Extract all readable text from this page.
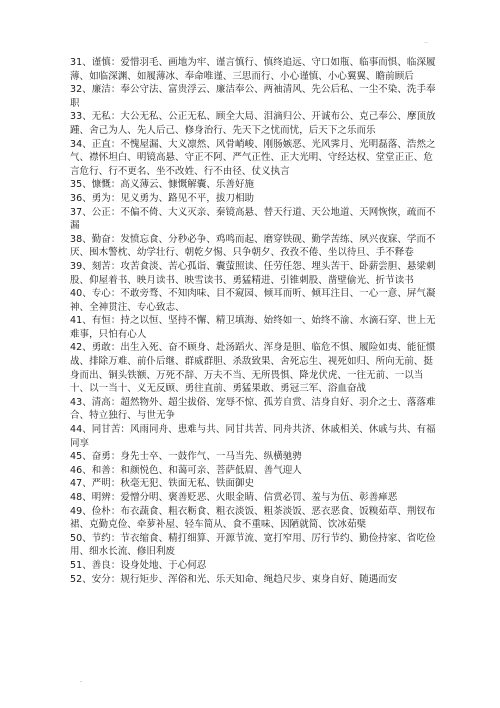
..

31、谨慎：爱惜羽毛、画地为牢、谨言慎行、慎终追远、守口如瓶、临事而惧、临深履薄、如临深渊、如履薄冰、奉命唯谨、三思而行、小心谨慎、小心翼翼、瞻前顾后

32、廉洁：奉公守法、富贵浮云、廉洁奉公、两袖清风、先公后私、一尘不染、洗手奉职

33、无私：大公无私、公正无私、顾全大局、泪滴归公、开诚布公、克己奉公、摩顶放踵、舍己为人、先人后己、修身治行、先天下之忧而忧，后天下之乐而乐

34、正直：不愧屋漏、大义凛然、风骨峭峻、刚肠嫉恶、光风霁月、光明磊落、浩然之气、襟怀坦白、明镜高悬、守正不阿、严气正性、正大光明、守经达权、堂堂正正、危言危行、行不更名、坐不改姓、行不由径、仗义执言

35、慷慨：高义薄云、慷慨解囊、乐善好施

36、勇为：见义勇为、路见不平，拔刀相助

37、公正：不偏不倚、大义灭亲、秦镜高悬、替天行道、天公地道、天网恢恢，疏而不漏

38、勤奋：发愤忘食、分秒必争、鸡鸣而起、磨穿铁砚、勤学苦练、夙兴夜寐、学而不厌、囤木警枕、幼学壮行、朝乾夕惕、只争朝夕、孜孜不倦、坐以待旦、手不释卷

39、刻苦：攻苦食淡、苦心孤诣、囊萤照读、任劳任怨、埋头苦干、卧薪尝胆、悬梁刺股、仰屋着书、映月读书、映雪读书、勇猛精进、引锥刺股、凿壁偷光、折节读书

40、专心：不敢旁骛、不知肉味、目不窥园、倾耳而听、倾耳注目、一心一意、屏气凝神、全神贯注、专心致志、

41、有恒：持之以恒、坚持不懈、精卫填海、始终如一、始终不渝、水滴石穿、世上无难事，只怕有心人

42、勇敢：出生入死、奋不顾身、赴汤蹈火、浑身是胆、临危不惧、履险如夷、能征惯战、排除万难、前仆后继、群威群胆、杀敌致果、舍死忘生、视死如归、所向无前、挺身而出、铜头铁额、万死不辞、万夫不当、无所畏惧、降龙伏虎、一往无前、一以当十、以一当十、义无反顾、勇往直前、勇猛果敢、勇冠三军、浴血奋战

43、清高：超然物外、超尘拔俗、宠辱不惊、孤芳自赏、洁身自好、羽介之士、落落难合、特立独行、与世无争

44、同甘苦：风雨同舟、患难与共、同甘共苦、同舟共济、休戚相关、休戚与共、有福同享

45、奋勇：身先士卒、一鼓作气、一马当先、纵横驰骋

46、和善：和颜悦色、和蔼可亲、菩萨低眉、善气迎人

47、严明：秋毫无犯、铁面无私、铁面御史

48、明辨：爱憎分明、褒善贬恶、火眼金睛、信赏必罚、羞与为伍、彰善瘅恶

49、俭朴：布衣蔬食、粗衣粝食、粗衣淡饭、粗茶淡饭、恶衣恶食、饭糗茹草、荆钗布裙、克勤克俭、牵萝补屋、轻车简从、食不重味、因陋就简、饮冰茹檗

50、节约：节衣缩食、精打细算、开源节流、宽打窄用、厉行节约、勤俭持家、省吃俭用、细水长流、修旧利废

51、善良：设身处地、于心何忍

52、安分：规行矩步、浑俗和光、乐天知命、绳趋尺步、束身自好、随遇而安

.
